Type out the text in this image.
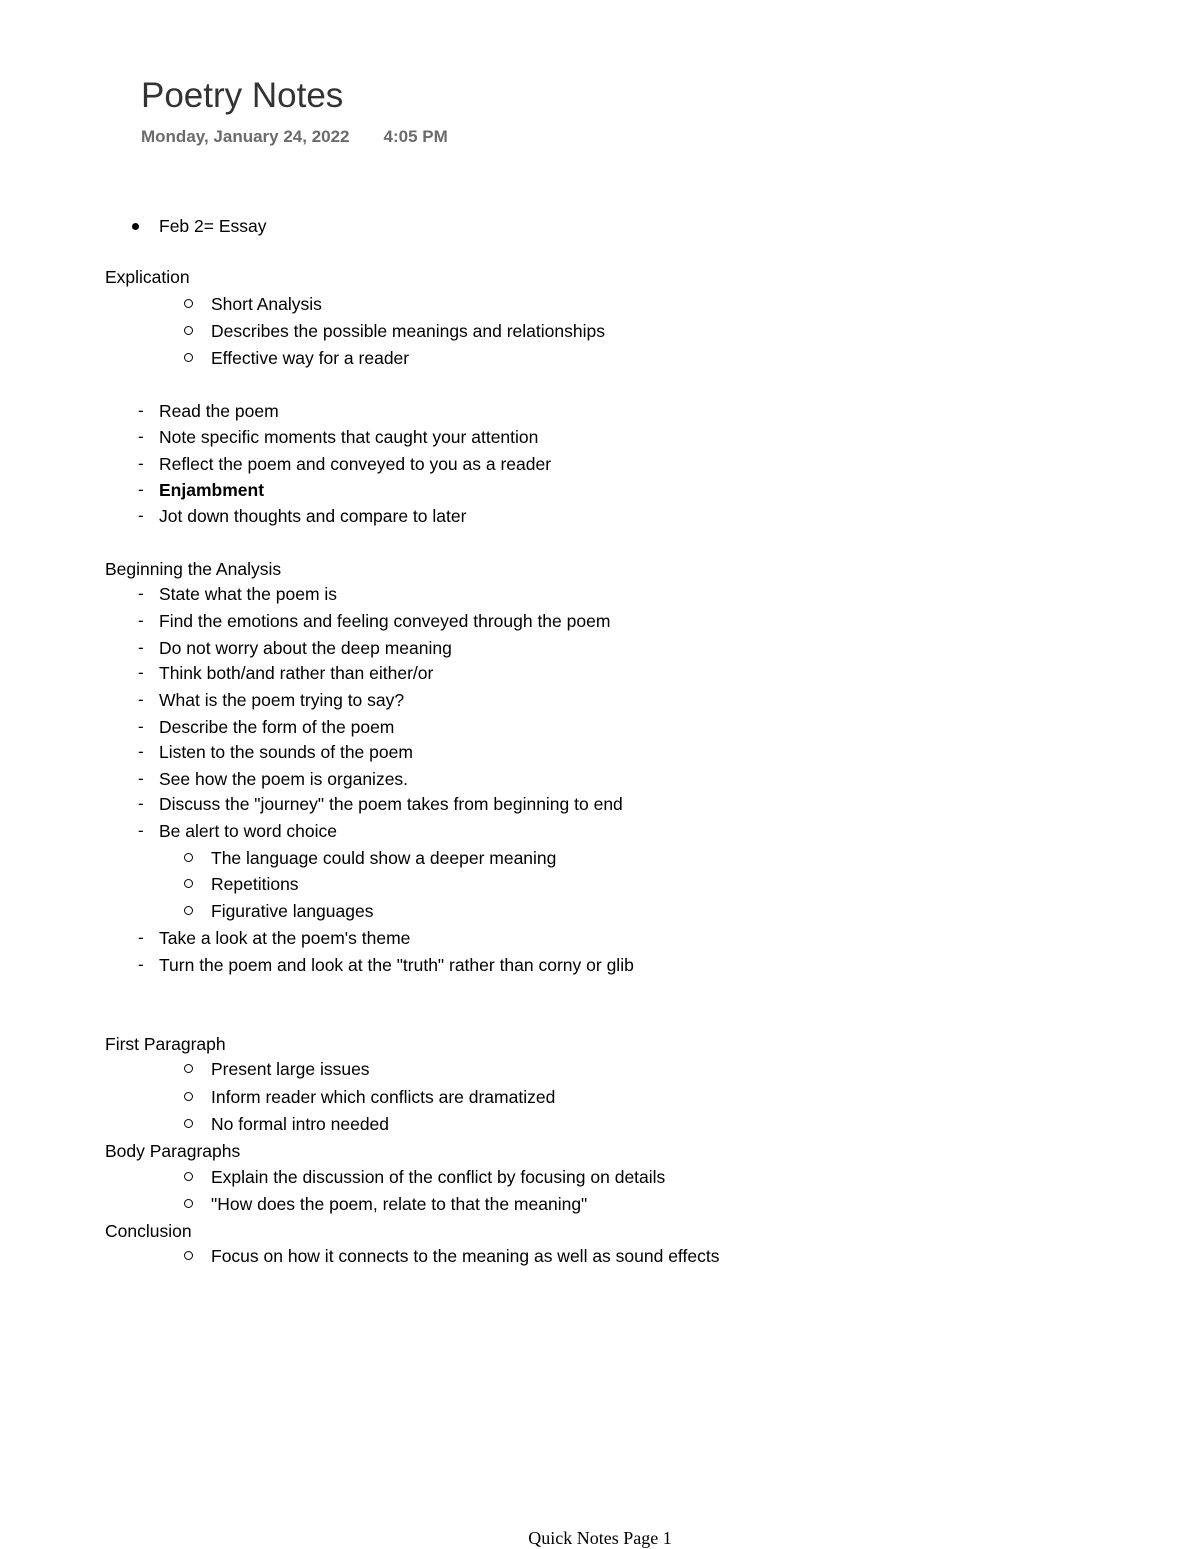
Poetry Notes
Monday, January 24, 2022 4:05 PM
Feb 2= Essay
Explication
Short Analysis
Describes the possible meanings and relationships
Effective way for a reader
- Read the poem
- Note specific moments that caught your attention
- Reflect the poem and conveyed to you as a reader
- Enjambment
- Jot down thoughts and compare to later
Beginning the Analysis
- State what the poem is
- Find the emotions and feeling conveyed through the poem
- Do not worry about the deep meaning
- Think both/and rather than either/or
- What is the poem trying to say?
- Describe the form of the poem
- Listen to the sounds of the poem
- See how the poem is organizes.
- Discuss the "journey" the poem takes from beginning to end
- Be alert to word choice
The language could show a deeper meaning
Repetitions
Figurative languages
- Take a look at the poem's theme
- Turn the poem and look at the "truth" rather than corny or glib
First Paragraph
Present large issues
Inform reader which conflicts are dramatized
No formal intro needed
Body Paragraphs
Explain the discussion of the conflict by focusing on details
"How does the poem, relate to that the meaning"
Conclusion
Focus on how it connects to the meaning as well as sound effects
Quick Notes Page 1
